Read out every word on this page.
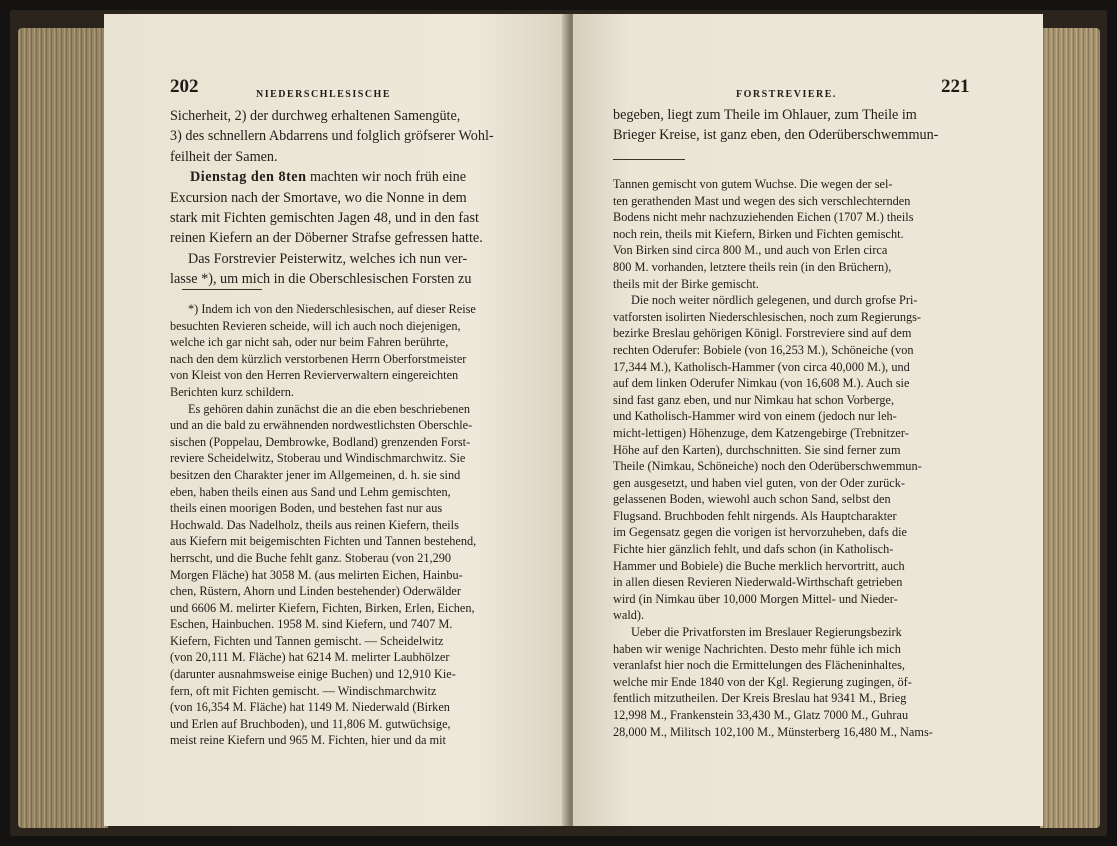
202	NIEDERSCHLESISCHE
Sicherheit, 2) der durchweg erhaltenen Samengüte,
3) des schnellern Abdarrens und folglich gröfserer Wohl-
feilheit der Samen.
Dienstag den 8ten machten wir noch früh eine
Excursion nach der Smortave, wo die Nonne in dem
stark mit Fichten gemischten Jagen 48, und in den fast
reinen Kiefern an der Döberner Strafse gefressen hatte.
Das Forstrevier Peisterwitz, welches ich nun ver-
lasse *), um mich in die Oberschlesischen Forsten zu
*) Indem ich von den Niederschlesischen, auf dieser Reise
besuchten Revieren scheide, will ich auch noch diejenigen,
welche ich gar nicht sah, oder nur beim Fahren berührte,
nach den dem kürzlich verstorbenen Herrn Oberforstmeister
von Kleist von den Herren Revierverwaltern eingereichten
Berichten kurz schildern.
Es gehören dahin zunächst die an die eben beschriebenen
und an die bald zu erwähnenden nordwestlichsten Oberschle-
sischen (Poppelau, Dembrowke, Bodland) grenzenden Forst-
reviere Scheidelwitz, Stoberau und Windischmarchwitz. Sie
besitzen den Charakter jener im Allgemeinen, d. h. sie sind
eben, haben theils einen aus Sand und Lehm gemischten,
theils einen moorigen Boden, und bestehen fast nur aus
Hochwald. Das Nadelholz, theils aus reinen Kiefern, theils
aus Kiefern mit beigemischten Fichten und Tannen bestehend,
herrscht, und die Buche fehlt ganz. Stoberau (von 21,290
Morgen Fläche) hat 3058 M. (aus melirten Eichen, Hainbu-
chen, Rüstern, Ahorn und Linden bestehender) Oderwälder
und 6606 M. melirter Kiefern, Fichten, Birken, Erlen, Eichen,
Eschen, Hainbuchen. 1958 M. sind Kiefern, und 7407 M.
Kiefern, Fichten und Tannen gemischt. — Scheidelwitz
(von 20,111 M. Fläche) hat 6214 M. melirter Laubhölzer
(darunter ausnahmsweise einige Buchen) und 12,910 Kie-
fern, oft mit Fichten gemischt. — Windischmarchwitz
(von 16,354 M. Fläche) hat 1149 M. Niederwald (Birken
und Erlen auf Bruchboden), und 11,806 M. gutwüchsige,
meist reine Kiefern und 965 M. Fichten, hier und da mit
FORSTREVIERE.	221
begeben, liegt zum Theile im Ohlauer, zum Theile im
Brieger Kreise, ist ganz eben, den Oderüberschwemmun-
Tannen gemischt von gutem Wuchse. Die wegen der sel-
ten gerathenden Mast und wegen des sich verschlechternden
Bodens nicht mehr nachzuziehenden Eichen (1707 M.) theils
noch rein, theils mit Kiefern, Birken und Fichten gemischt.
Von Birken sind circa 800 M., und auch von Erlen circa
800 M. vorhanden, letztere theils rein (in den Brüchern),
theils mit der Birke gemischt.
Die noch weiter nördlich gelegenen, und durch grofse Pri-
vatforsten isolirten Niederschlesischen, noch zum Regierungs-
bezirke Breslau gehörigen Königl. Forstreviere sind auf dem
rechten Oderufer: Bobiele (von 16,253 M.), Schöneiche (von
17,344 M.), Katholisch-Hammer (von circa 40,000 M.), und
auf dem linken Oderufer Nimkau (von 16,608 M.). Auch sie
sind fast ganz eben, und nur Nimkau hat schon Vorberge,
und Katholisch-Hammer wird von einem (jedoch nur leh-
micht-lettigen) Höhenzuge, dem Katzengebirge (Trebnitzer-
Höhe auf den Karten), durchschnitten. Sie sind ferner zum
Theile (Nimkau, Schöneiche) noch den Oderüberschwemmun-
gen ausgesetzt, und haben viel guten, von der Oder zurück-
gelassenen Boden, wiewohl auch schon Sand, selbst den
Flugsand. Bruchboden fehlt nirgends. Als Hauptcharakter
im Gegensatz gegen die vorigen ist hervorzuheben, dafs die
Fichte hier gänzlich fehlt, und dafs schon (in Katholisch-
Hammer und Bobiele) die Buche merklich hervortritt, auch
in allen diesen Revieren Niederwald-Wirthschaft getrieben
wird (in Nimkau über 10,000 Morgen Mittel- und Nieder-
wald).
Ueber die Privatforsten im Breslauer Regierungsbezirk
haben wir wenige Nachrichten. Desto mehr fühle ich mich
veranlafst hier noch die Ermittelungen des Flächeninhaltes,
welche mir Ende 1840 von der Kgl. Regierung zugingen, öf-
fentlich mitzutheilen. Der Kreis Breslau hat 9341 M., Brieg
12,998 M., Frankenstein 33,430 M., Glatz 7000 M., Guhrau
28,000 M., Militsch 102,100 M., Münsterberg 16,480 M., Nams-
